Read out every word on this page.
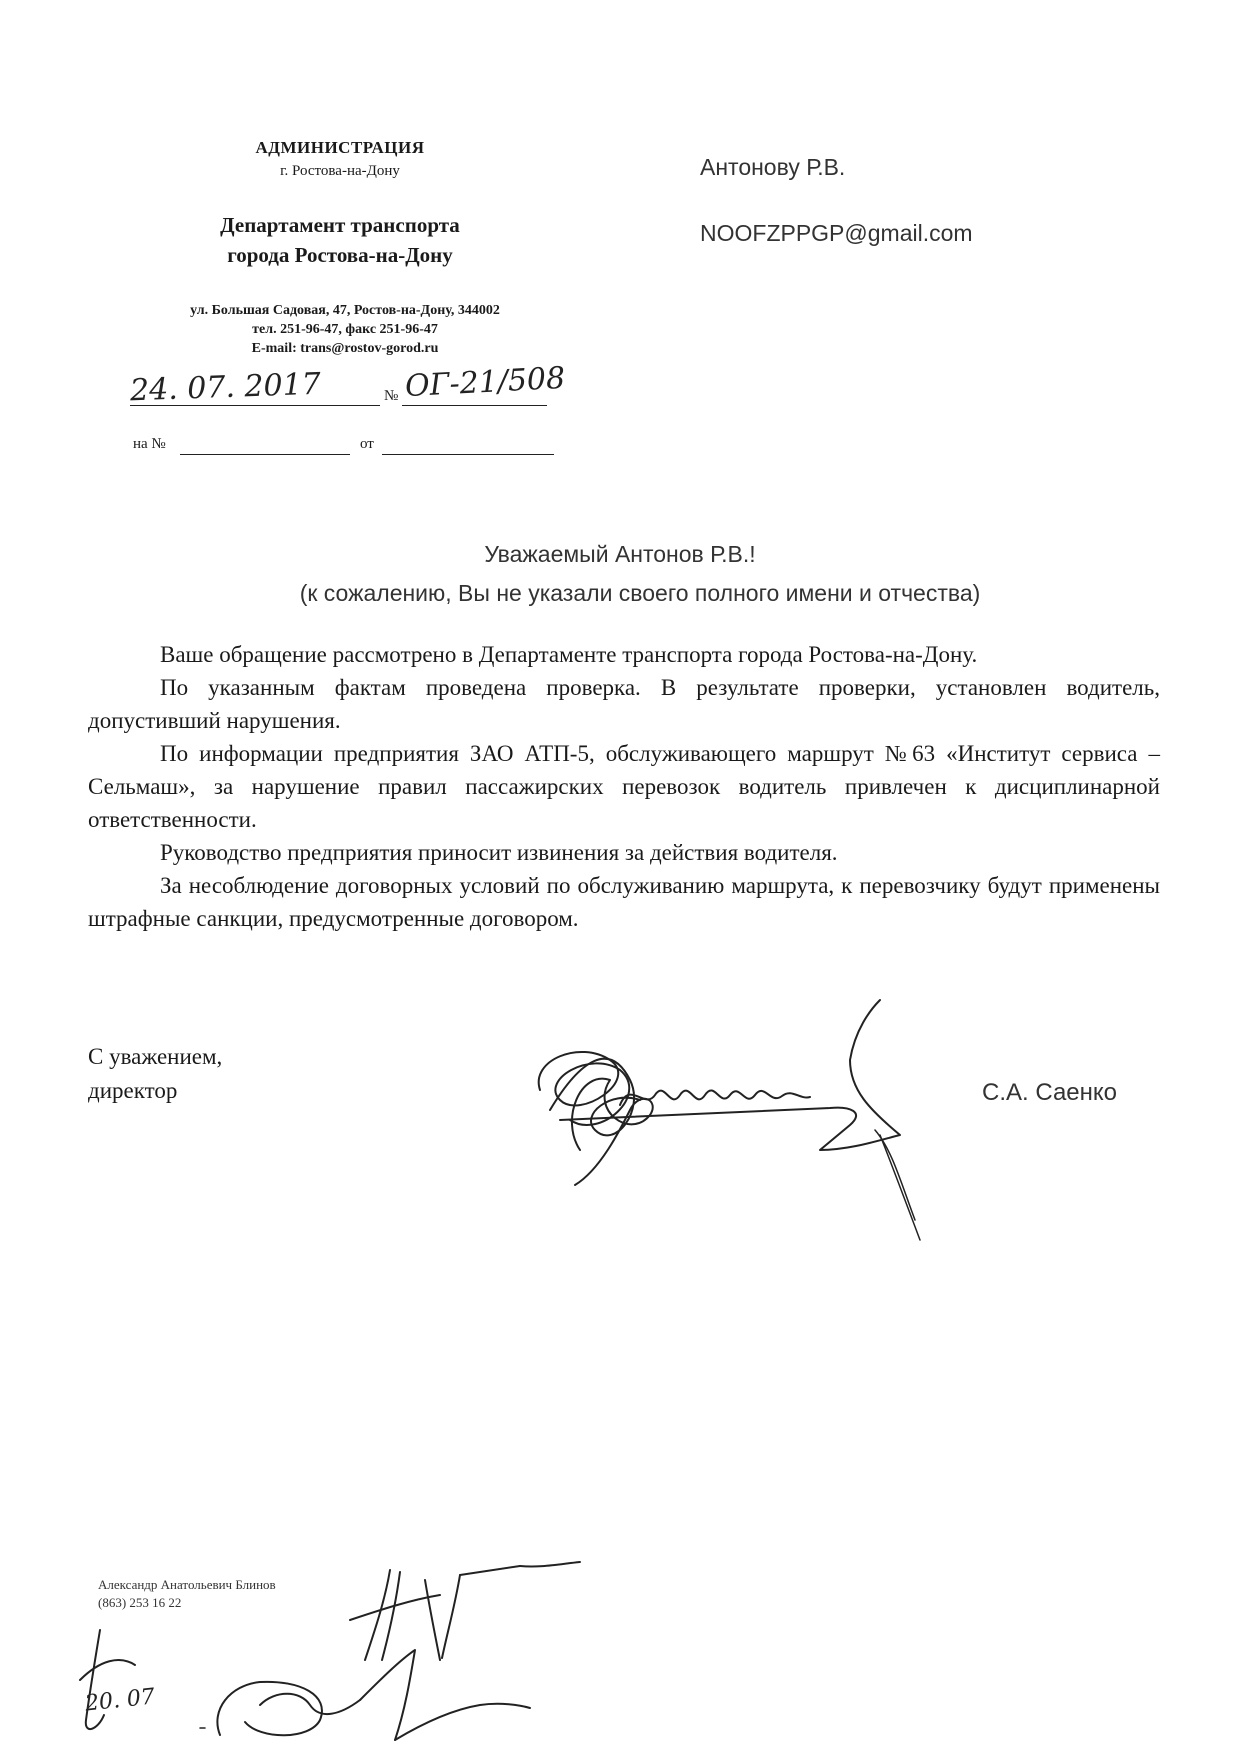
АДМИНИСТРАЦИЯ
г. Ростова-на-Дону
Департамент транспорта
города Ростова-на-Дону
ул. Большая Садовая, 47, Ростов-на-Дону, 344002
тел. 251-96-47, факс 251-96-47
E-mail: trans@rostov-gorod.ru
24. 07. 2017	№ ОГ-21/508
на №	от
Антонову Р.В.
NOOFZPPGP@gmail.com
Уважаемый Антонов Р.В.!
(к сожалению, Вы не указали своего полного имени и отчества)

Ваше обращение рассмотрено в Департаменте транспорта города Ростова-на-Дону.

По указанным фактам проведена проверка. В результате проверки, установлен водитель, допустивший нарушения.

По информации предприятия ЗАО АТП-5, обслуживающего маршрут №63 «Институт сервиса – Сельмаш», за нарушение правил пассажирских перевозок водитель привлечен к дисциплинарной ответственности.

Руководство предприятия приносит извинения за действия водителя.

За несоблюдение договорных условий по обслуживанию маршрута, к перевозчику будут применены штрафные санкции, предусмотренные договором.

С уважением,
директор	С.А. Саенко
Александр Анатольевич Блинов
(863) 253 16 22
20. 07
